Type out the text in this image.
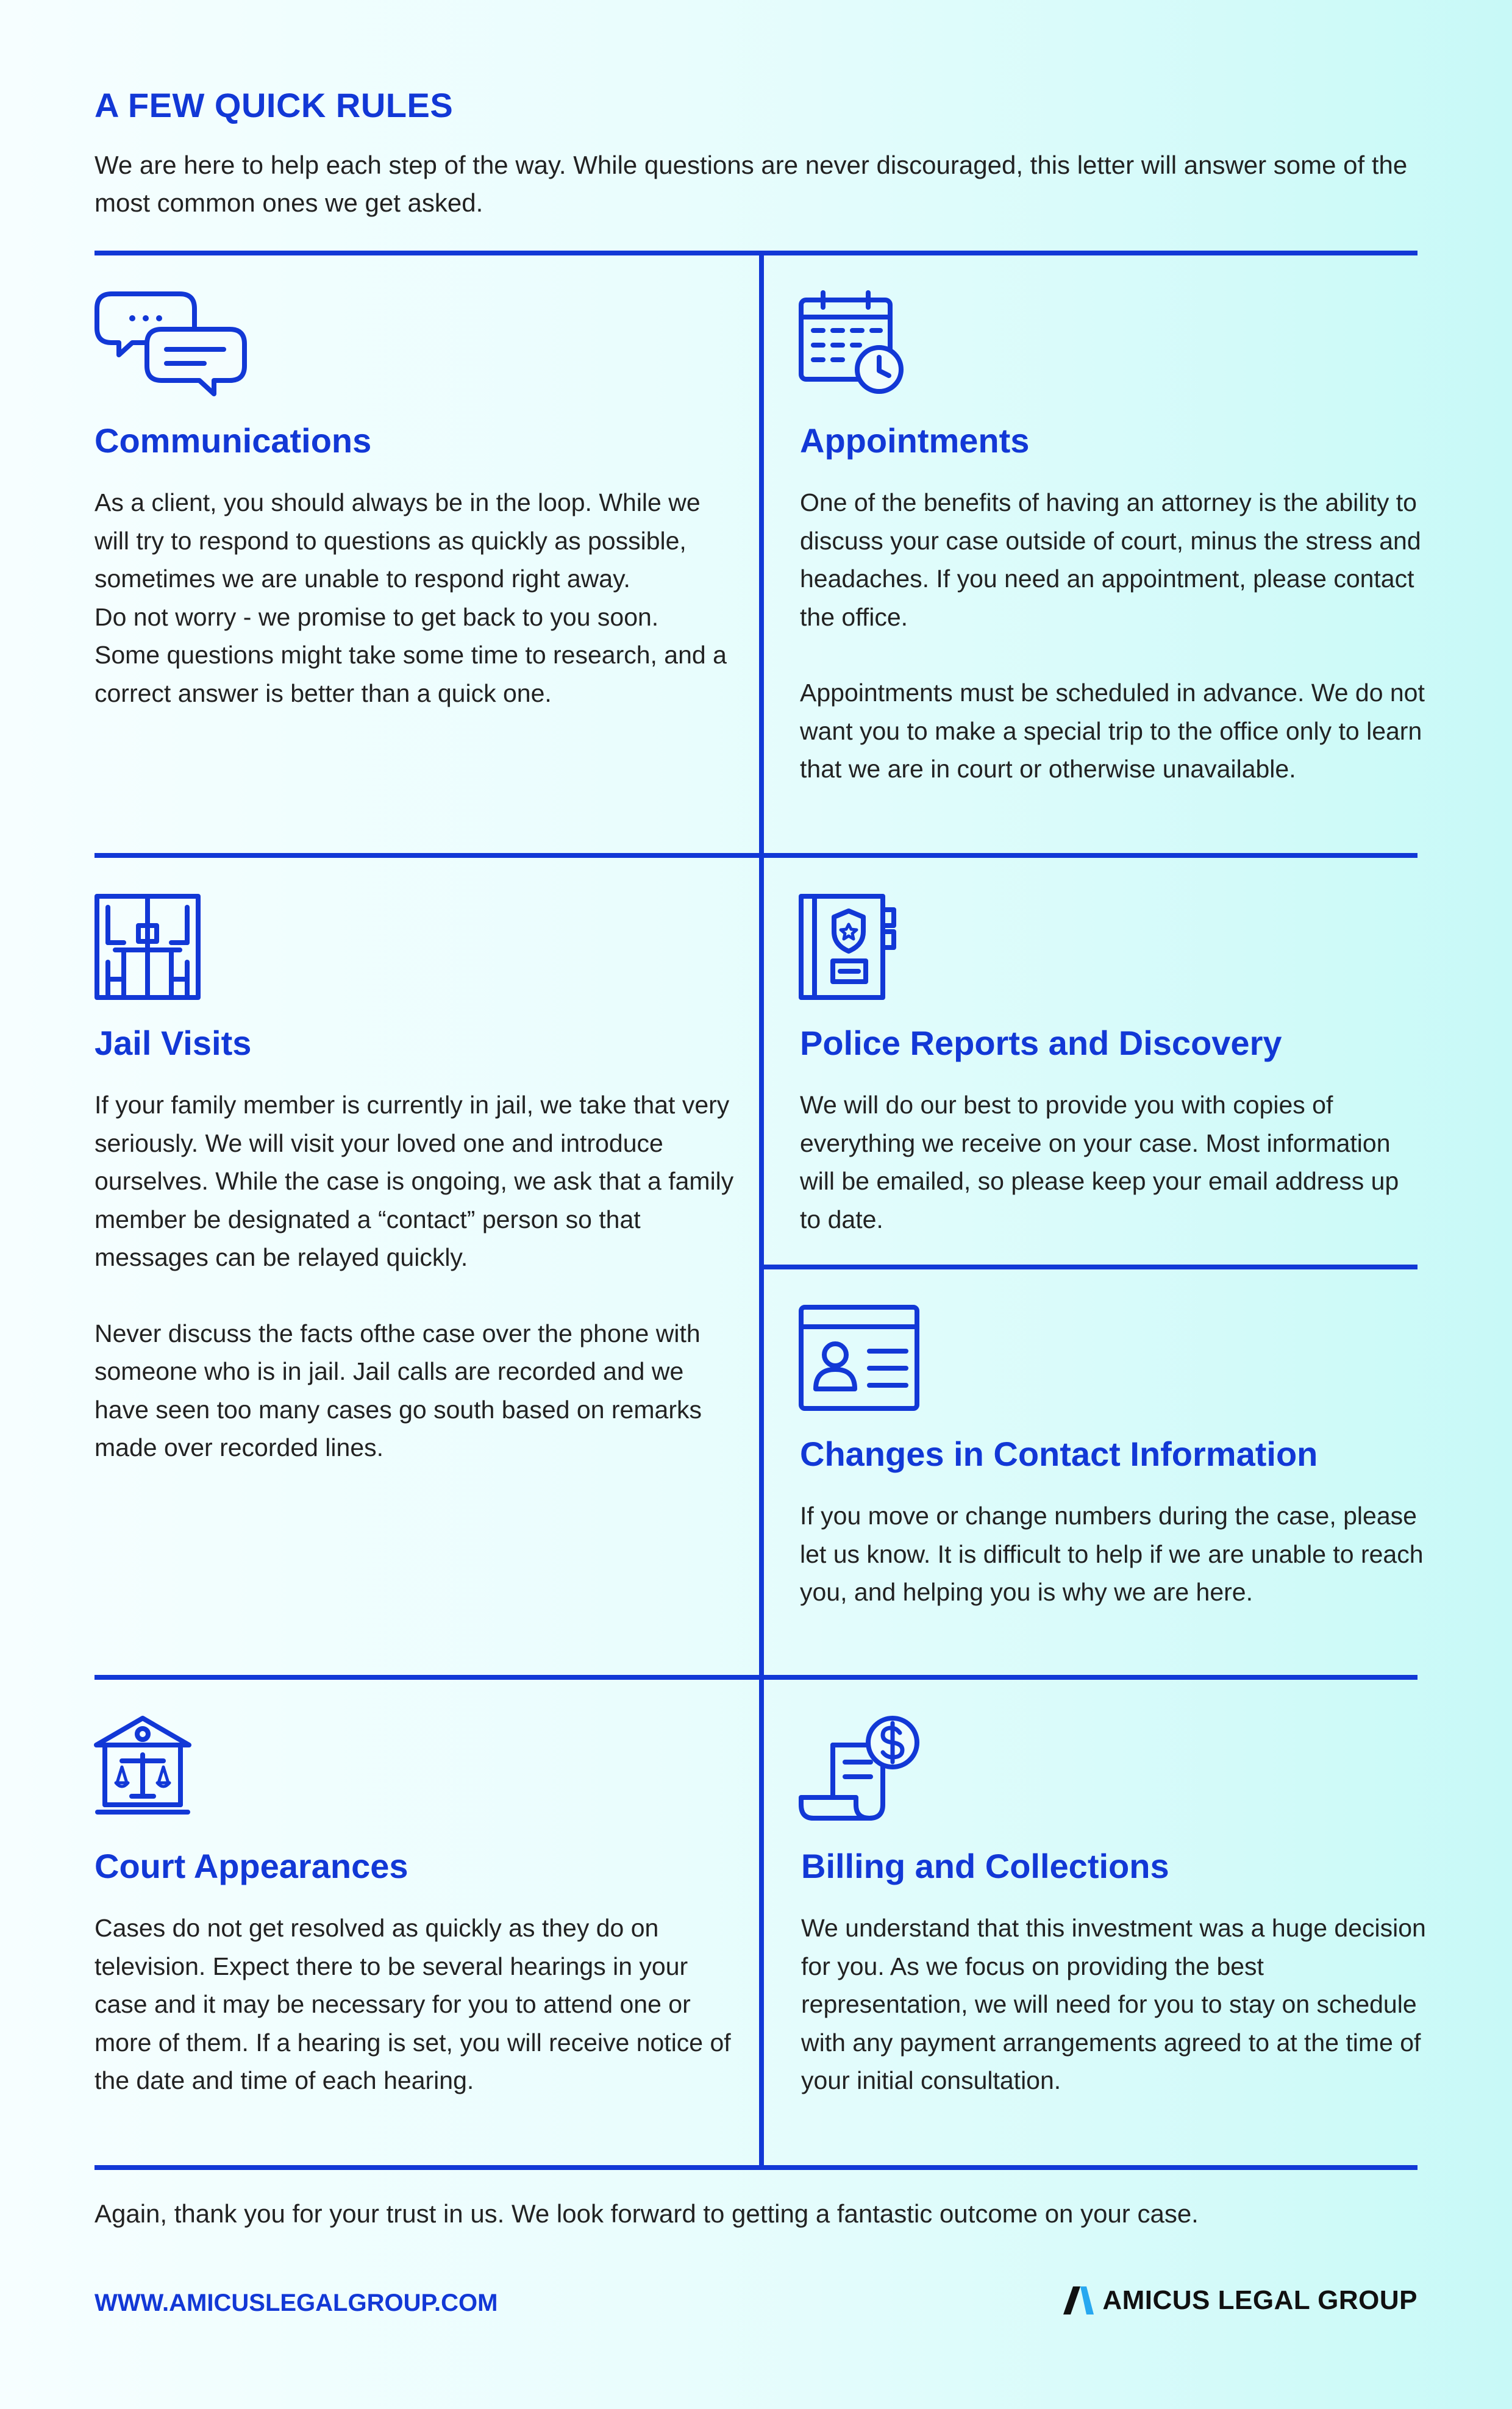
A FEW QUICK RULES
We are here to help each step of the way. While questions are never discouraged, this letter will answer some of the most common ones we get asked.
Communications

As a client, you should always be in the loop. While we will try to respond to questions as quickly as possible, sometimes we are unable to respond right away.
Do not worry - we promise to get back to you soon. Some questions might take some time to research, and a correct answer is better than a quick one.

Appointments

One of the benefits of having an attorney is the ability to discuss your case outside of court, minus the stress and headaches. If you need an appointment, please contact the office.

Appointments must be scheduled in advance. We do not want you to make a special trip to the office only to learn that we are in court or otherwise unavailable.

Jail Visits

If your family member is currently in jail, we take that very seriously. We will visit your loved one and introduce ourselves. While the case is ongoing, we ask that a family member be designated a “contact” person so that messages can be relayed quickly.

Never discuss the facts ofthe case over the phone with someone who is in jail. Jail calls are recorded and we have seen too many cases go south based on remarks made over recorded lines.

Police Reports and Discovery

We will do our best to provide you with copies of everything we receive on your case. Most information will be emailed, so please keep your email address up to date.

Changes in Contact Information

If you move or change numbers during the case, please let us know. It is difficult to help if we are unable to reach you, and helping you is why we are here.

Court Appearances

Cases do not get resolved as quickly as they do on television. Expect there to be several hearings in your case and it may be necessary for you to attend one or more of them. If a hearing is set, you will receive notice of the date and time of each hearing.

Billing and Collections

We understand that this investment was a huge decision for you. As we focus on providing the best representation, we will need for you to stay on schedule with any payment arrangements agreed to at the time of your initial consultation.

Again, thank you for your trust in us. We look forward to getting a fantastic outcome on your case.
WWW.AMICUSLEGALGROUP.COM	AMICUS LEGAL GROUP
